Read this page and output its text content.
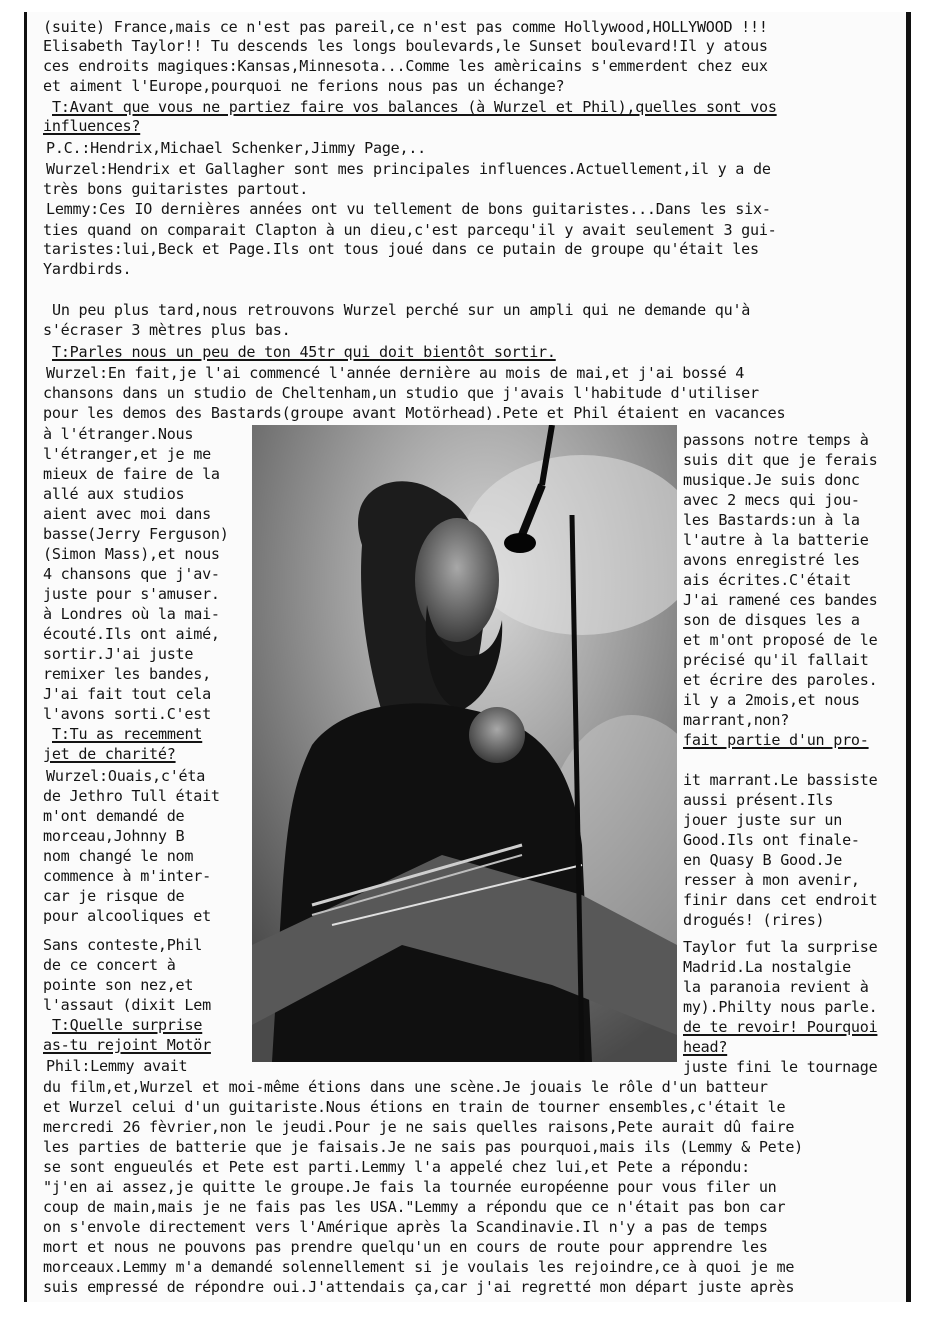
(suite) France,mais ce n'est pas pareil,ce n'est pas comme Hollywood,HOLLYWOOD !!!
Elisabeth Taylor!! Tu descends les longs boulevards,le Sunset boulevard!Il y atous
ces endroits magiques:Kansas,Minnesota...Comme les amèricains s'emmerdent chez eux
et aiment l'Europe,pourquoi ne ferions nous pas un échange?
T:Avant que vous ne partiez faire vos balances (à Wurzel et Phil),quelles sont vos
influences?
P.C.:Hendrix,Michael Schenker,Jimmy Page,..
Wurzel:Hendrix et Gallagher sont mes principales influences.Actuellement,il y a de
très bons guitaristes partout.
Lemmy:Ces IO dernières années ont vu tellement de bons guitaristes...Dans les six-
ties quand on comparait Clapton à un dieu,c'est parcequ'il y avait seulement 3 gui-
taristes:lui,Beck et Page.Ils ont tous joué dans ce putain de groupe qu'était les
Yardbirds.
Un peu plus tard,nous retrouvons Wurzel perché sur un ampli qui ne demande qu'à
s'écraser 3 mètres plus bas.
T:Parles nous un peu de ton 45tr qui doit bientôt sortir.
Wurzel:En fait,je l'ai commencé l'année dernière au mois de mai,et j'ai bossé 4
chansons dans un studio de Cheltenham,un studio que j'avais l'habitude d'utiliser
pour les demos des Bastards(groupe avant Motörhead).Pete et Phil étaient en vacances
à l'étranger.Nous
l'étranger,et je me
mieux de faire de la
allé aux studios
aient avec moi dans
basse(Jerry Ferguson)
(Simon Mass),et nous
4 chansons que j'av-
juste pour s'amuser.
à Londres où la mai-
écouté.Ils ont aimé,
sortir.J'ai juste
remixer les bandes,
J'ai fait tout cela
l'avons sorti.C'est
T:Tu as recemment
jet de charité?
Wurzel:Ouais,c'éta
de Jethro Tull était
m'ont demandé de
morceau,Johnny B
nom changé le nom
commence à m'inter-
car je risque de
pour alcooliques et
Sans conteste,Phil
de ce concert à
pointe son nez,et
l'assaut (dixit Lem
T:Quelle surprise
as-tu rejoint Motör
Phil:Lemmy avait
passons notre temps à
suis dit que je ferais
musique.Je suis donc
avec 2 mecs qui jou-
les Bastards:un à la
l'autre à la batterie
avons enregistré les
ais écrites.C'était
J'ai ramené ces bandes
son de disques les a
et m'ont proposé de le
précisé qu'il fallait
et écrire des paroles.
il y a 2mois,et nous
marrant,non?
fait partie d'un pro-
it marrant.Le bassiste
aussi présent.Ils
jouer juste sur un
Good.Ils ont finale-
en Quasy B Good.Je
resser à mon avenir,
finir dans cet endroit
drogués! (rires)
Taylor fut la surprise
Madrid.La nostalgie
la paranoia revient à
my).Philty nous parle.
de te revoir! Pourquoi
head?
juste fini le tournage
du film,et,Wurzel et moi-même étions dans une scène.Je jouais le rôle d'un batteur
et Wurzel celui d'un guitariste.Nous étions en train de tourner ensembles,c'était le
mercredi 26 fèvrier,non le jeudi.Pour je ne sais quelles raisons,Pete aurait dû faire
les parties de batterie que je faisais.Je ne sais pas pourquoi,mais ils (Lemmy & Pete)
se sont engueulés et Pete est parti.Lemmy l'a appelé chez lui,et Pete a répondu:
"j'en ai assez,je quitte le groupe.Je fais la tournée européenne pour vous filer un
coup de main,mais je ne fais pas les USA."Lemmy a répondu que ce n'était pas bon car
on s'envole directement vers l'Amérique après la Scandinavie.Il n'y a pas de temps
mort et nous ne pouvons pas prendre quelqu'un en cours de route pour apprendre les
morceaux.Lemmy m'a demandé solennellement si je voulais les rejoindre,ce à quoi je me
suis empressé de répondre oui.J'attendais ça,car j'ai regretté mon départ juste après
